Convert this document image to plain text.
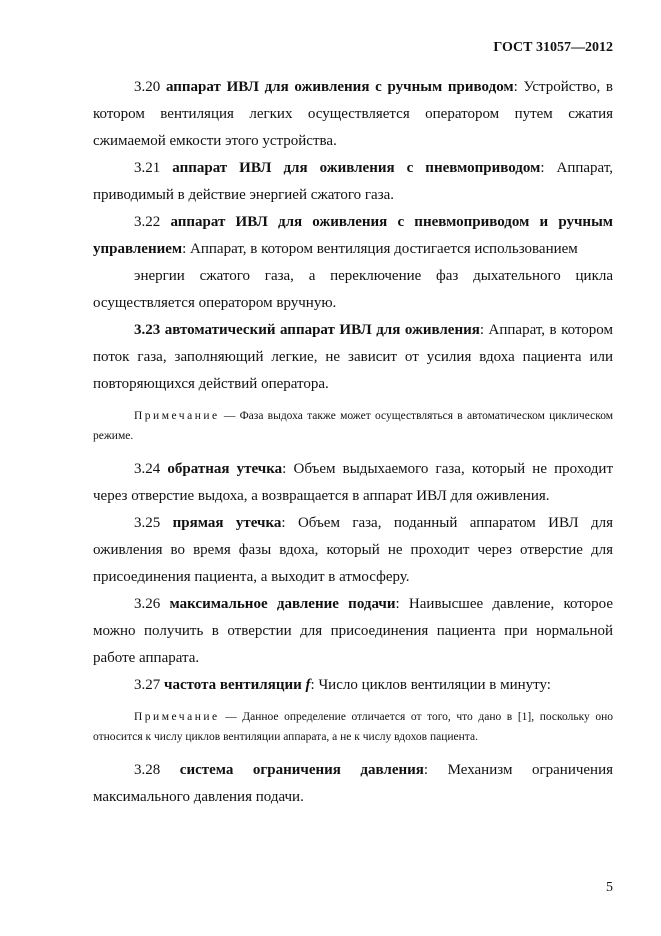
ГОСТ 31057—2012

3.20 аппарат ИВЛ для оживления с ручным приводом: Устройство, в котором вентиляция легких осуществляется оператором путем сжатия сжимаемой емкости этого устройства.

3.21 аппарат ИВЛ для оживления с пневмоприводом: Аппарат, приводимый в действие энергией сжатого газа.

3.22 аппарат ИВЛ для оживления с пневмоприводом и ручным управлением: Аппарат, в котором вентиляция достигается использованием

энергии сжатого газа, а переключение фаз дыхательного цикла осуществляется оператором вручную.

3.23 автоматический аппарат ИВЛ для оживления: Аппарат, в котором поток газа, заполняющий легкие, не зависит от усилия вдоха пациента или повторяющихся действий оператора.

Примечание — Фаза выдоха также может осуществляться в автоматическом циклическом режиме.

3.24 обратная утечка: Объем выдыхаемого газа, который не проходит через отверстие выдоха, а возвращается в аппарат ИВЛ для оживления.

3.25 прямая утечка: Объем газа, поданный аппаратом ИВЛ для оживления во время фазы вдоха, который не проходит через отверстие для присоединения пациента, а выходит в атмосферу.

3.26 максимальное давление подачи: Наивысшее давление, которое можно получить в отверстии для присоединения пациента при нормальной работе аппарата.

3.27 частота вентиляции f: Число циклов вентиляции в минуту:

Примечание — Данное определение отличается от того, что дано в [1], поскольку оно относится к числу циклов вентиляции аппарата, а не к числу вдохов пациента.

3.28 система ограничения давления: Механизм ограничения максимального давления подачи.

5
